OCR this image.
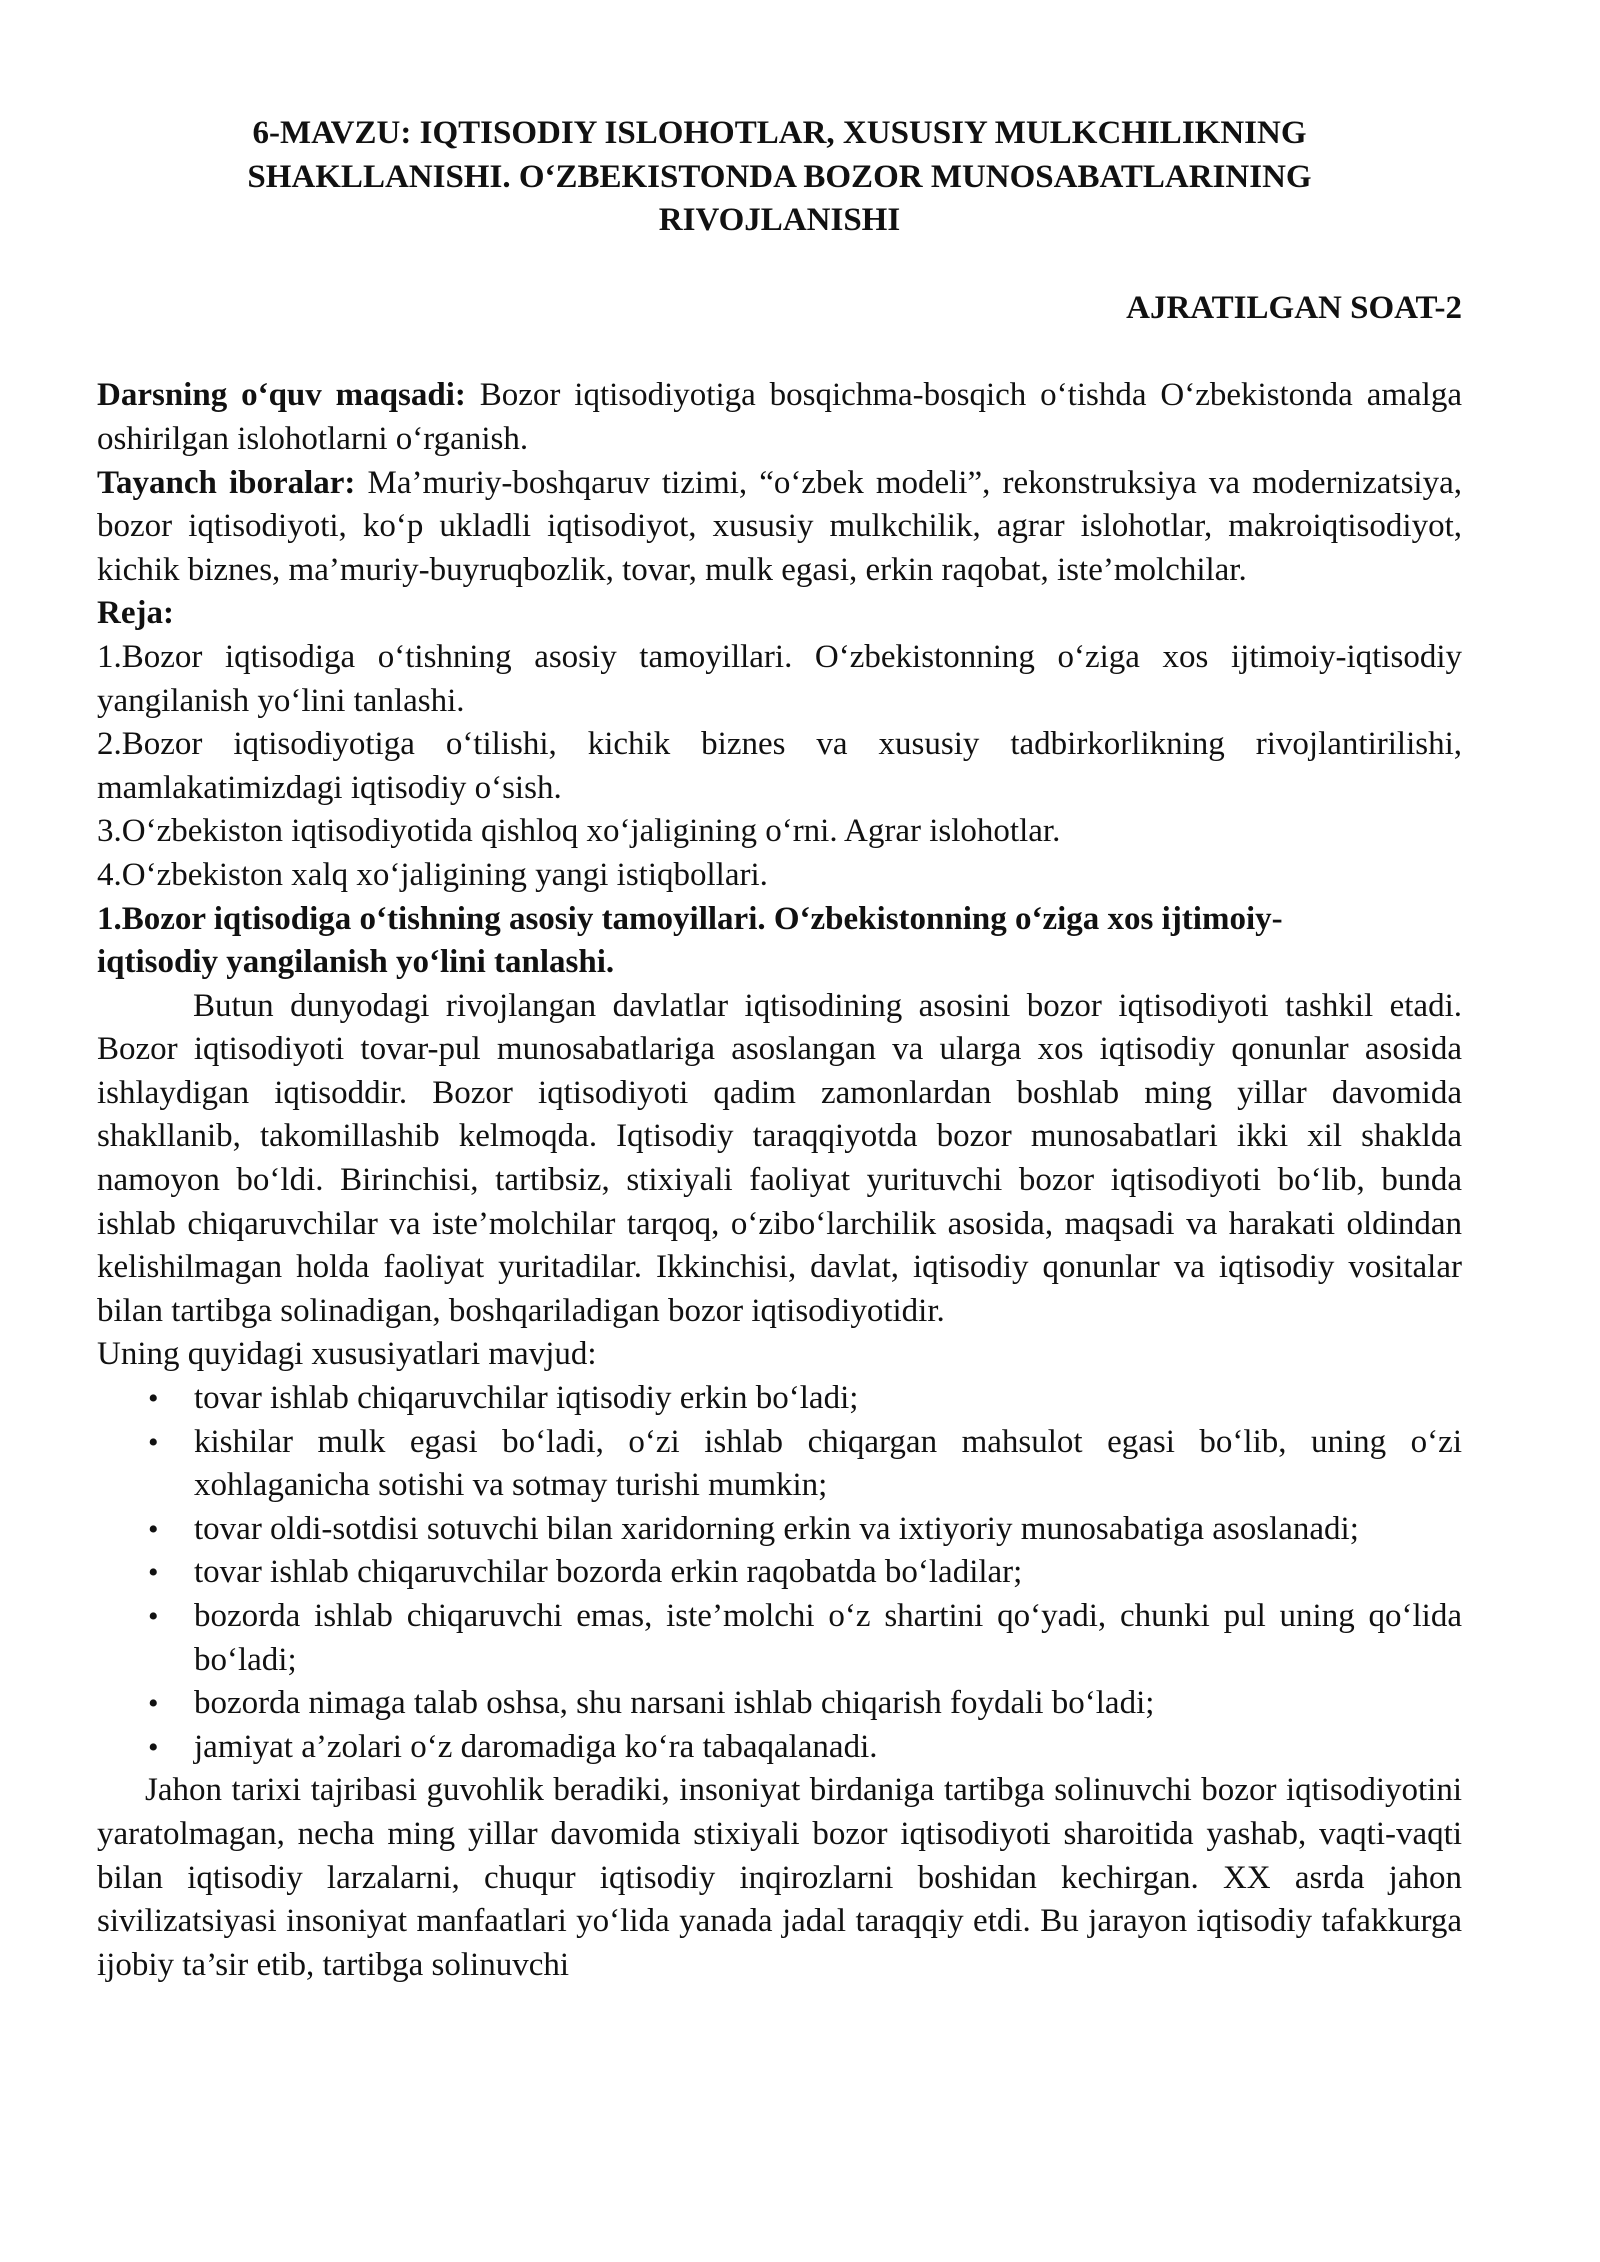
6-MAVZU: IQTISODIY ISLOHOTLAR, XUSUSIY MULKCHILIKNING SHAKLLANISHI. O‘ZBEKISTONDA BOZOR MUNOSABATLARINING RIVOJLANISHI

AJRATILGAN SOAT-2

Darsning o‘quv maqsadi: Bozor iqtisodiyotiga bosqichma-bosqich o‘tishda O‘zbekistonda amalga oshirilgan islohotlarni o‘rganish.

Tayanch iboralar: Ma’muriy-boshqaruv tizimi, “o‘zbek modeli”, rekonstruksiya va modernizatsiya, bozor iqtisodiyoti, ko‘p ukladli iqtisodiyot, xususiy mulkchilik, agrar islohotlar, makroiqtisodiyot, kichik biznes, ma’muriy-buyruqbozlik, tovar, mulk egasi, erkin raqobat, iste’molchilar.

Reja:

1.Bozor iqtisodiga o‘tishning asosiy tamoyillari. O‘zbekistonning o‘ziga xos ijtimoiy-iqtisodiy yangilanish yo‘lini tanlashi.

2.Bozor iqtisodiyotiga o‘tilishi, kichik biznes va xususiy tadbirkorlikning rivojlantirilishi, mamlakatimizdagi iqtisodiy o‘sish.

3.O‘zbekiston iqtisodiyotida qishloq xo‘jaligining o‘rni. Agrar islohotlar.

4.O‘zbekiston xalq xo‘jaligining yangi istiqbollari.

1.Bozor iqtisodiga o‘tishning asosiy tamoyillari. O‘zbekistonning o‘ziga xos ijtimoiy-iqtisodiy yangilanish yo‘lini tanlashi.

Butun dunyodagi rivojlangan davlatlar iqtisodining asosini bozor iqtisodiyoti tashkil etadi. Bozor iqtisodiyoti tovar-pul munosabatlariga asoslangan va ularga xos iqtisodiy qonunlar asosida ishlaydigan iqtisoddir. Bozor iqtisodiyoti qadim zamonlardan boshlab ming yillar davomida shakllanib, takomillashib kelmoqda. Iqtisodiy taraqqiyotda bozor munosabatlari ikki xil shaklda namoyon bo‘ldi. Birinchisi, tartibsiz, stixiyali faoliyat yurituvchi bozor iqtisodiyoti bo‘lib, bunda ishlab chiqaruvchilar va iste’molchilar tarqoq, o‘zibo‘larchilik asosida, maqsadi va harakati oldindan kelishilmagan holda faoliyat yuritadilar. Ikkinchisi, davlat, iqtisodiy qonunlar va iqtisodiy vositalar bilan tartibga solinadigan, boshqariladigan bozor iqtisodiyotidir.

Uning quyidagi xususiyatlari mavjud:

• tovar ishlab chiqaruvchilar iqtisodiy erkin bo‘ladi;
• kishilar mulk egasi bo‘ladi, o‘zi ishlab chiqargan mahsulot egasi bo‘lib, uning o‘zi xohlaganicha sotishi va sotmay turishi mumkin;
• tovar oldi-sotdisi sotuvchi bilan xaridorning erkin va ixtiyoriy munosabatiga asoslanadi;
• tovar ishlab chiqaruvchilar bozorda erkin raqobatda bo‘ladilar;
• bozorda ishlab chiqaruvchi emas, iste’molchi o‘z shartini qo‘yadi, chunki pul uning qo‘lida bo‘ladi;
• bozorda nimaga talab oshsa, shu narsani ishlab chiqarish foydali bo‘ladi;
• jamiyat a’zolari o‘z daromadiga ko‘ra tabaqalanadi.

Jahon tarixi tajribasi guvohlik beradiki, insoniyat birdaniga tartibga solinuvchi bozor iqtisodiyotini yaratolmagan, necha ming yillar davomida stixiyali bozor iqtisodiyoti sharoitida yashab, vaqti-vaqti bilan iqtisodiy larzalarni, chuqur iqtisodiy inqirozlarni boshidan kechirgan. XX asrda jahon sivilizatsiyasi insoniyat manfaatlari yo‘lida yanada jadal taraqqiy etdi. Bu jarayon iqtisodiy tafakkurga ijobiy ta’sir etib, tartibga solinuvchi
